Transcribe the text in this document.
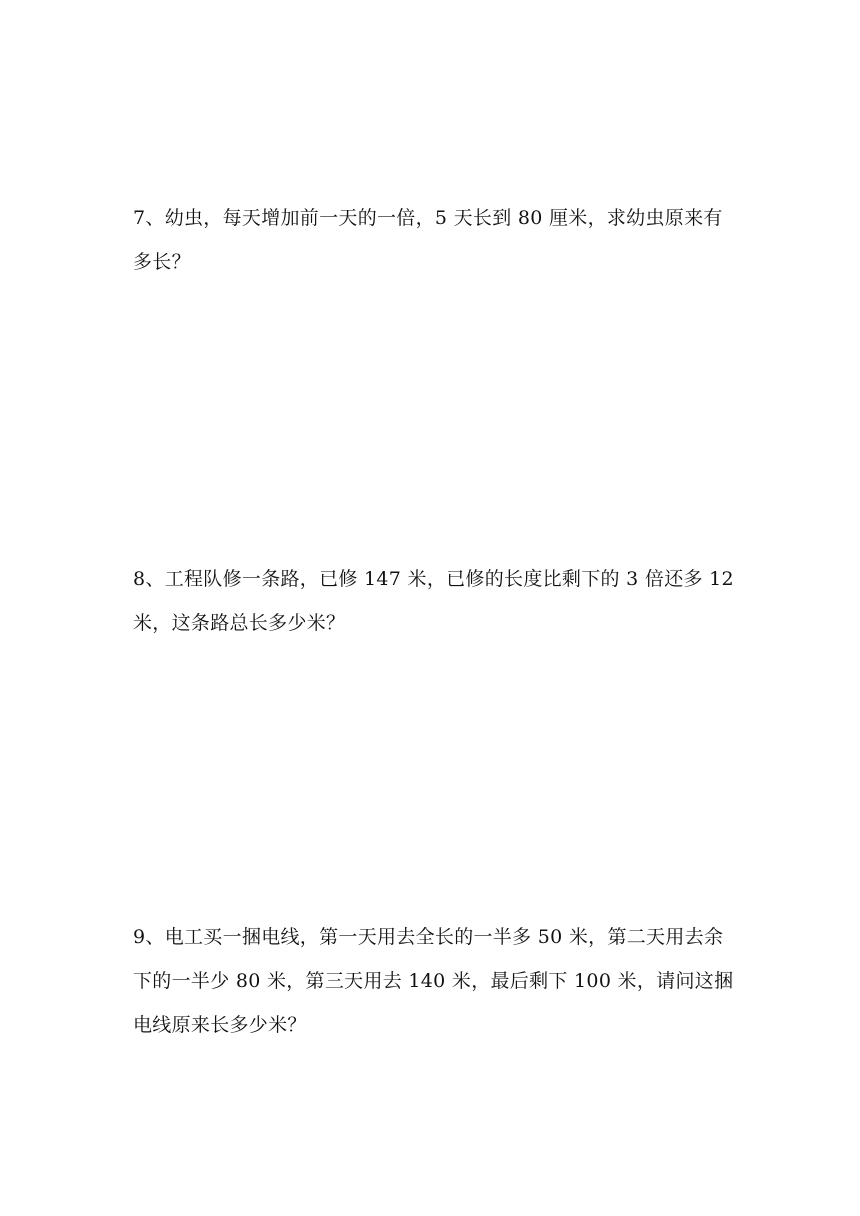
7、幼虫，每天增加前一天的一倍，5 天长到 80 厘米，求幼虫原来有
多长？
8、工程队修一条路，已修 147 米，已修的长度比剩下的 3 倍还多 12
米，这条路总长多少米？
9、电工买一捆电线，第一天用去全长的一半多 50 米，第二天用去余
下的一半少 80 米，第三天用去 140 米，最后剩下 100 米，请问这捆
电线原来长多少米？
